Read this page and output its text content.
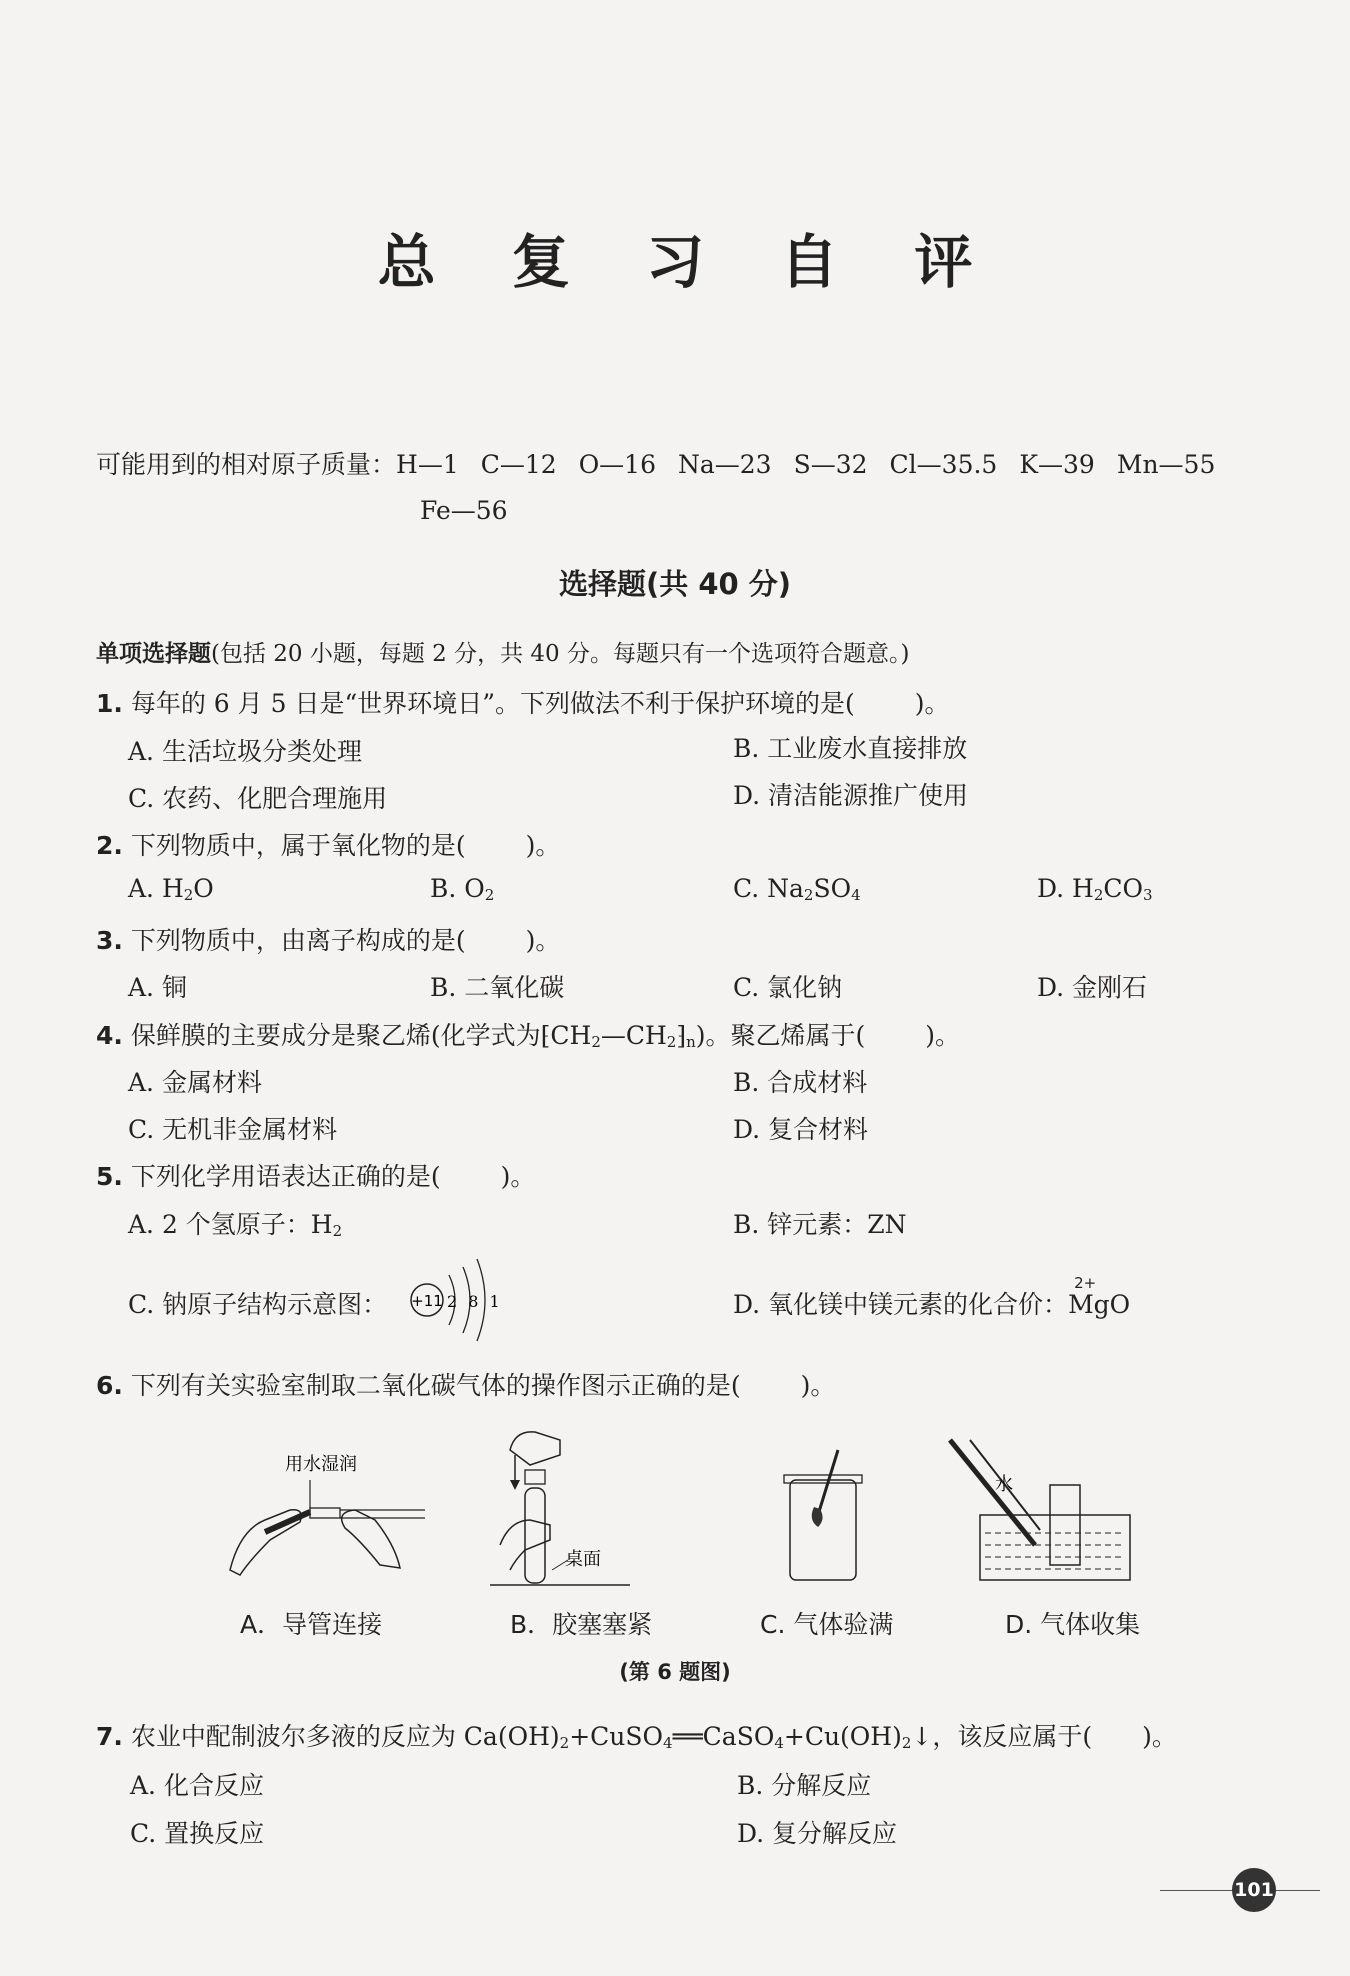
总 复 习 自 评
可能用到的相对原子质量：H—1 C—12 O—16 Na—23 S—32 Cl—35.5 K—39 Mn—55
Fe—56
选择题(共 40 分)
单项选择题(包括 20 小题，每题 2 分，共 40 分。每题只有一个选项符合题意。)
1. 每年的 6 月 5 日是“世界环境日”。下列做法不利于保护环境的是( )。
A. 生活垃圾分类处理	B. 工业废水直接排放
C. 农药、化肥合理施用	D. 清洁能源推广使用
2. 下列物质中，属于氧化物的是( )。
A. $H_2O$	B. $O_2$	C. $Na_2SO_4$	D. $H_2CO_3$
3. 下列物质中，由离子构成的是( )。
A. 铜	B. 二氧化碳	C. 氯化钠	D. 金刚石
4. 保鲜膜的主要成分是聚乙烯(化学式为$⁅CH_2—CH_2⁆_n$)。聚乙烯属于( )。
A. 金属材料	B. 合成材料
C. 无机非金属材料	D. 复合材料
5. 下列化学用语表达正确的是( )。
A. 2 个氢原子：$H_2$	B. 锌元素：ZN
C. 钠原子结构示意图： +11 2 8 1	D. 氧化镁中镁元素的化合价：
2+
MgO
6. 下列有关实验室制取二氧化碳气体的操作图示正确的是( )。
用水湿润
桌面
水
A．导管连接	B．胶塞塞紧	C. 气体验满	D. 气体收集
(第 6 题图)
7. 农业中配制波尔多液的反应为 $Ca(OH)_2+CuSO_4══CaSO_4+Cu(OH)_2↓$，该反应属于( )。
A. 化合反应	B. 分解反应
C. 置换反应	D. 复分解反应
101
